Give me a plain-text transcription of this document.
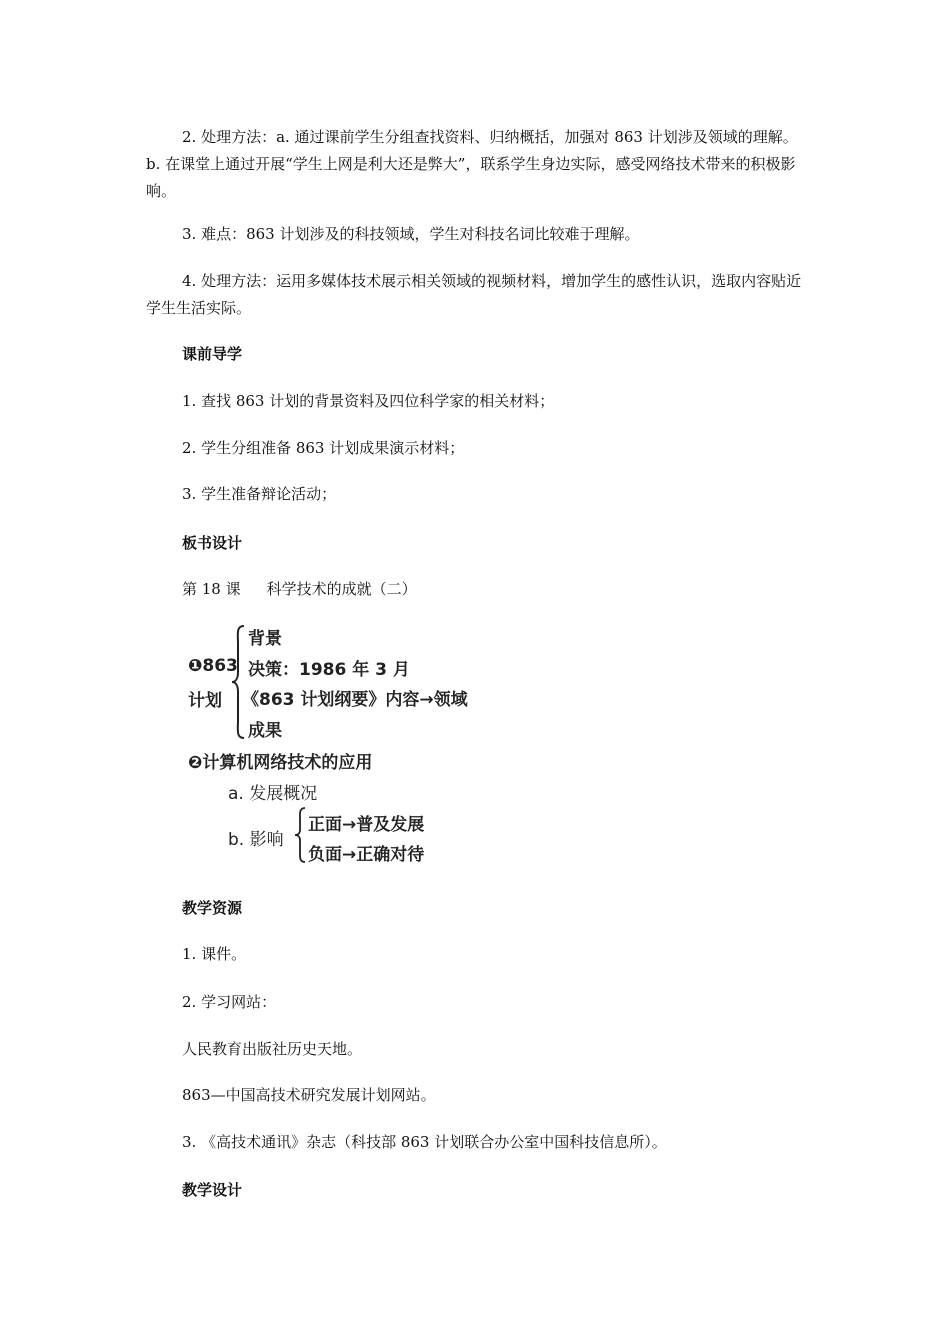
2. 处理方法：a. 通过课前学生分组查找资料、归纳概括，加强对 863 计划涉及领域的理解。b. 在课堂上通过开展“学生上网是利大还是弊大”，联系学生身边实际，感受网络技术带来的积极影响。

3. 难点：863 计划涉及的科技领域，学生对科技名词比较难于理解。

4. 处理方法：运用多媒体技术展示相关领域的视频材料，增加学生的感性认识，选取内容贴近学生生活实际。

课前导学

1. 查找 863 计划的背景资料及四位科学家的相关材料；

2. 学生分组准备 863 计划成果演示材料；

3. 学生准备辩论活动；

板书设计

第 18 课 科学技术的成就（二）

❶863
计划
背景
决策：1986 年 3 月
《863 计划纲要》内容→领域
成果
❷计算机网络技术的应用
a. 发展概况
b. 影响
正面→普及发展
负面→正确对待

教学资源

1. 课件。

2. 学习网站：

人民教育出版社历史天地。

863—中国高技术研究发展计划网站。

3. 《高技术通讯》杂志（科技部 863 计划联合办公室中国科技信息所）。

教学设计
